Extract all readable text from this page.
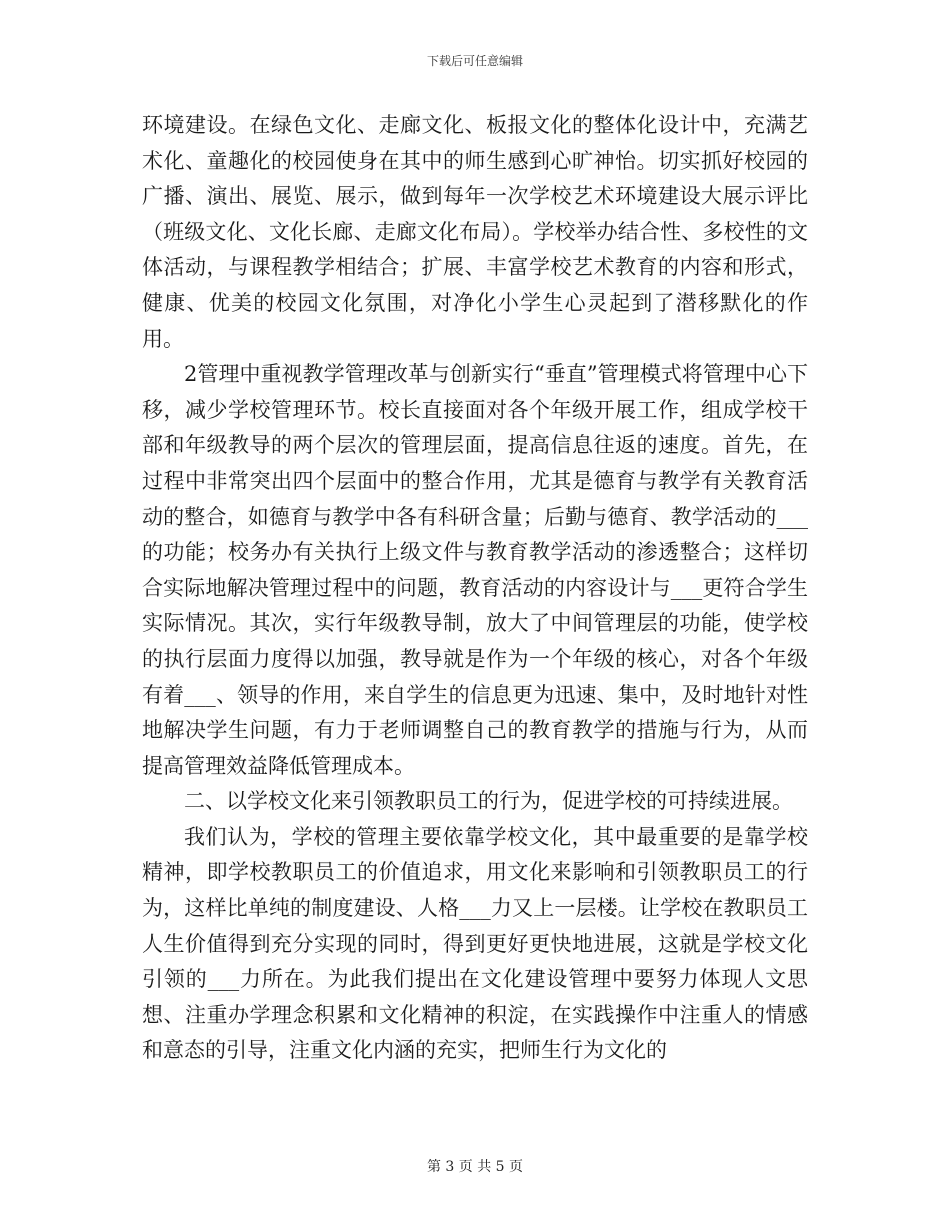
下载后可任意编辑

环境建设。在绿色文化、走廊文化、板报文化的整体化设计中，充满艺术化、童趣化的校园使身在其中的师生感到心旷神怡。切实抓好校园的广播、演出、展览、展示，做到每年一次学校艺术环境建设大展示评比（班级文化、文化长廊、走廊文化布局）。学校举办结合性、多校性的文体活动，与课程教学相结合；扩展、丰富学校艺术教育的内容和形式，健康、优美的校园文化氛围，对净化小学生心灵起到了潜移默化的作用。

2管理中重视教学管理改革与创新实行“垂直”管理模式将管理中心下移，减少学校管理环节。校长直接面对各个年级开展工作，组成学校干部和年级教导的两个层次的管理层面，提高信息往返的速度。首先，在过程中非常突出四个层面中的整合作用，尤其是德育与教学有关教育活动的整合，如德育与教学中各有科研含量；后勤与德育、教学活动的___的功能；校务办有关执行上级文件与教育教学活动的渗透整合；这样切合实际地解决管理过程中的问题，教育活动的内容设计与___更符合学生实际情况。其次，实行年级教导制，放大了中间管理层的功能，使学校的执行层面力度得以加强，教导就是作为一个年级的核心，对各个年级有着___、领导的作用，来自学生的信息更为迅速、集中，及时地针对性地解决学生问题，有力于老师调整自己的教育教学的措施与行为，从而提高管理效益降低管理成本。

二、以学校文化来引领教职员工的行为，促进学校的可持续进展。

我们认为，学校的管理主要依靠学校文化，其中最重要的是靠学校精神，即学校教职员工的价值追求，用文化来影响和引领教职员工的行为，这样比单纯的制度建设、人格___力又上一层楼。让学校在教职员工人生价值得到充分实现的同时，得到更好更快地进展，这就是学校文化引领的___力所在。为此我们提出在文化建设管理中要努力体现人文思想、注重办学理念积累和文化精神的积淀，在实践操作中注重人的情感和意态的引导，注重文化内涵的充实，把师生行为文化的

第 3 页 共 5 页
